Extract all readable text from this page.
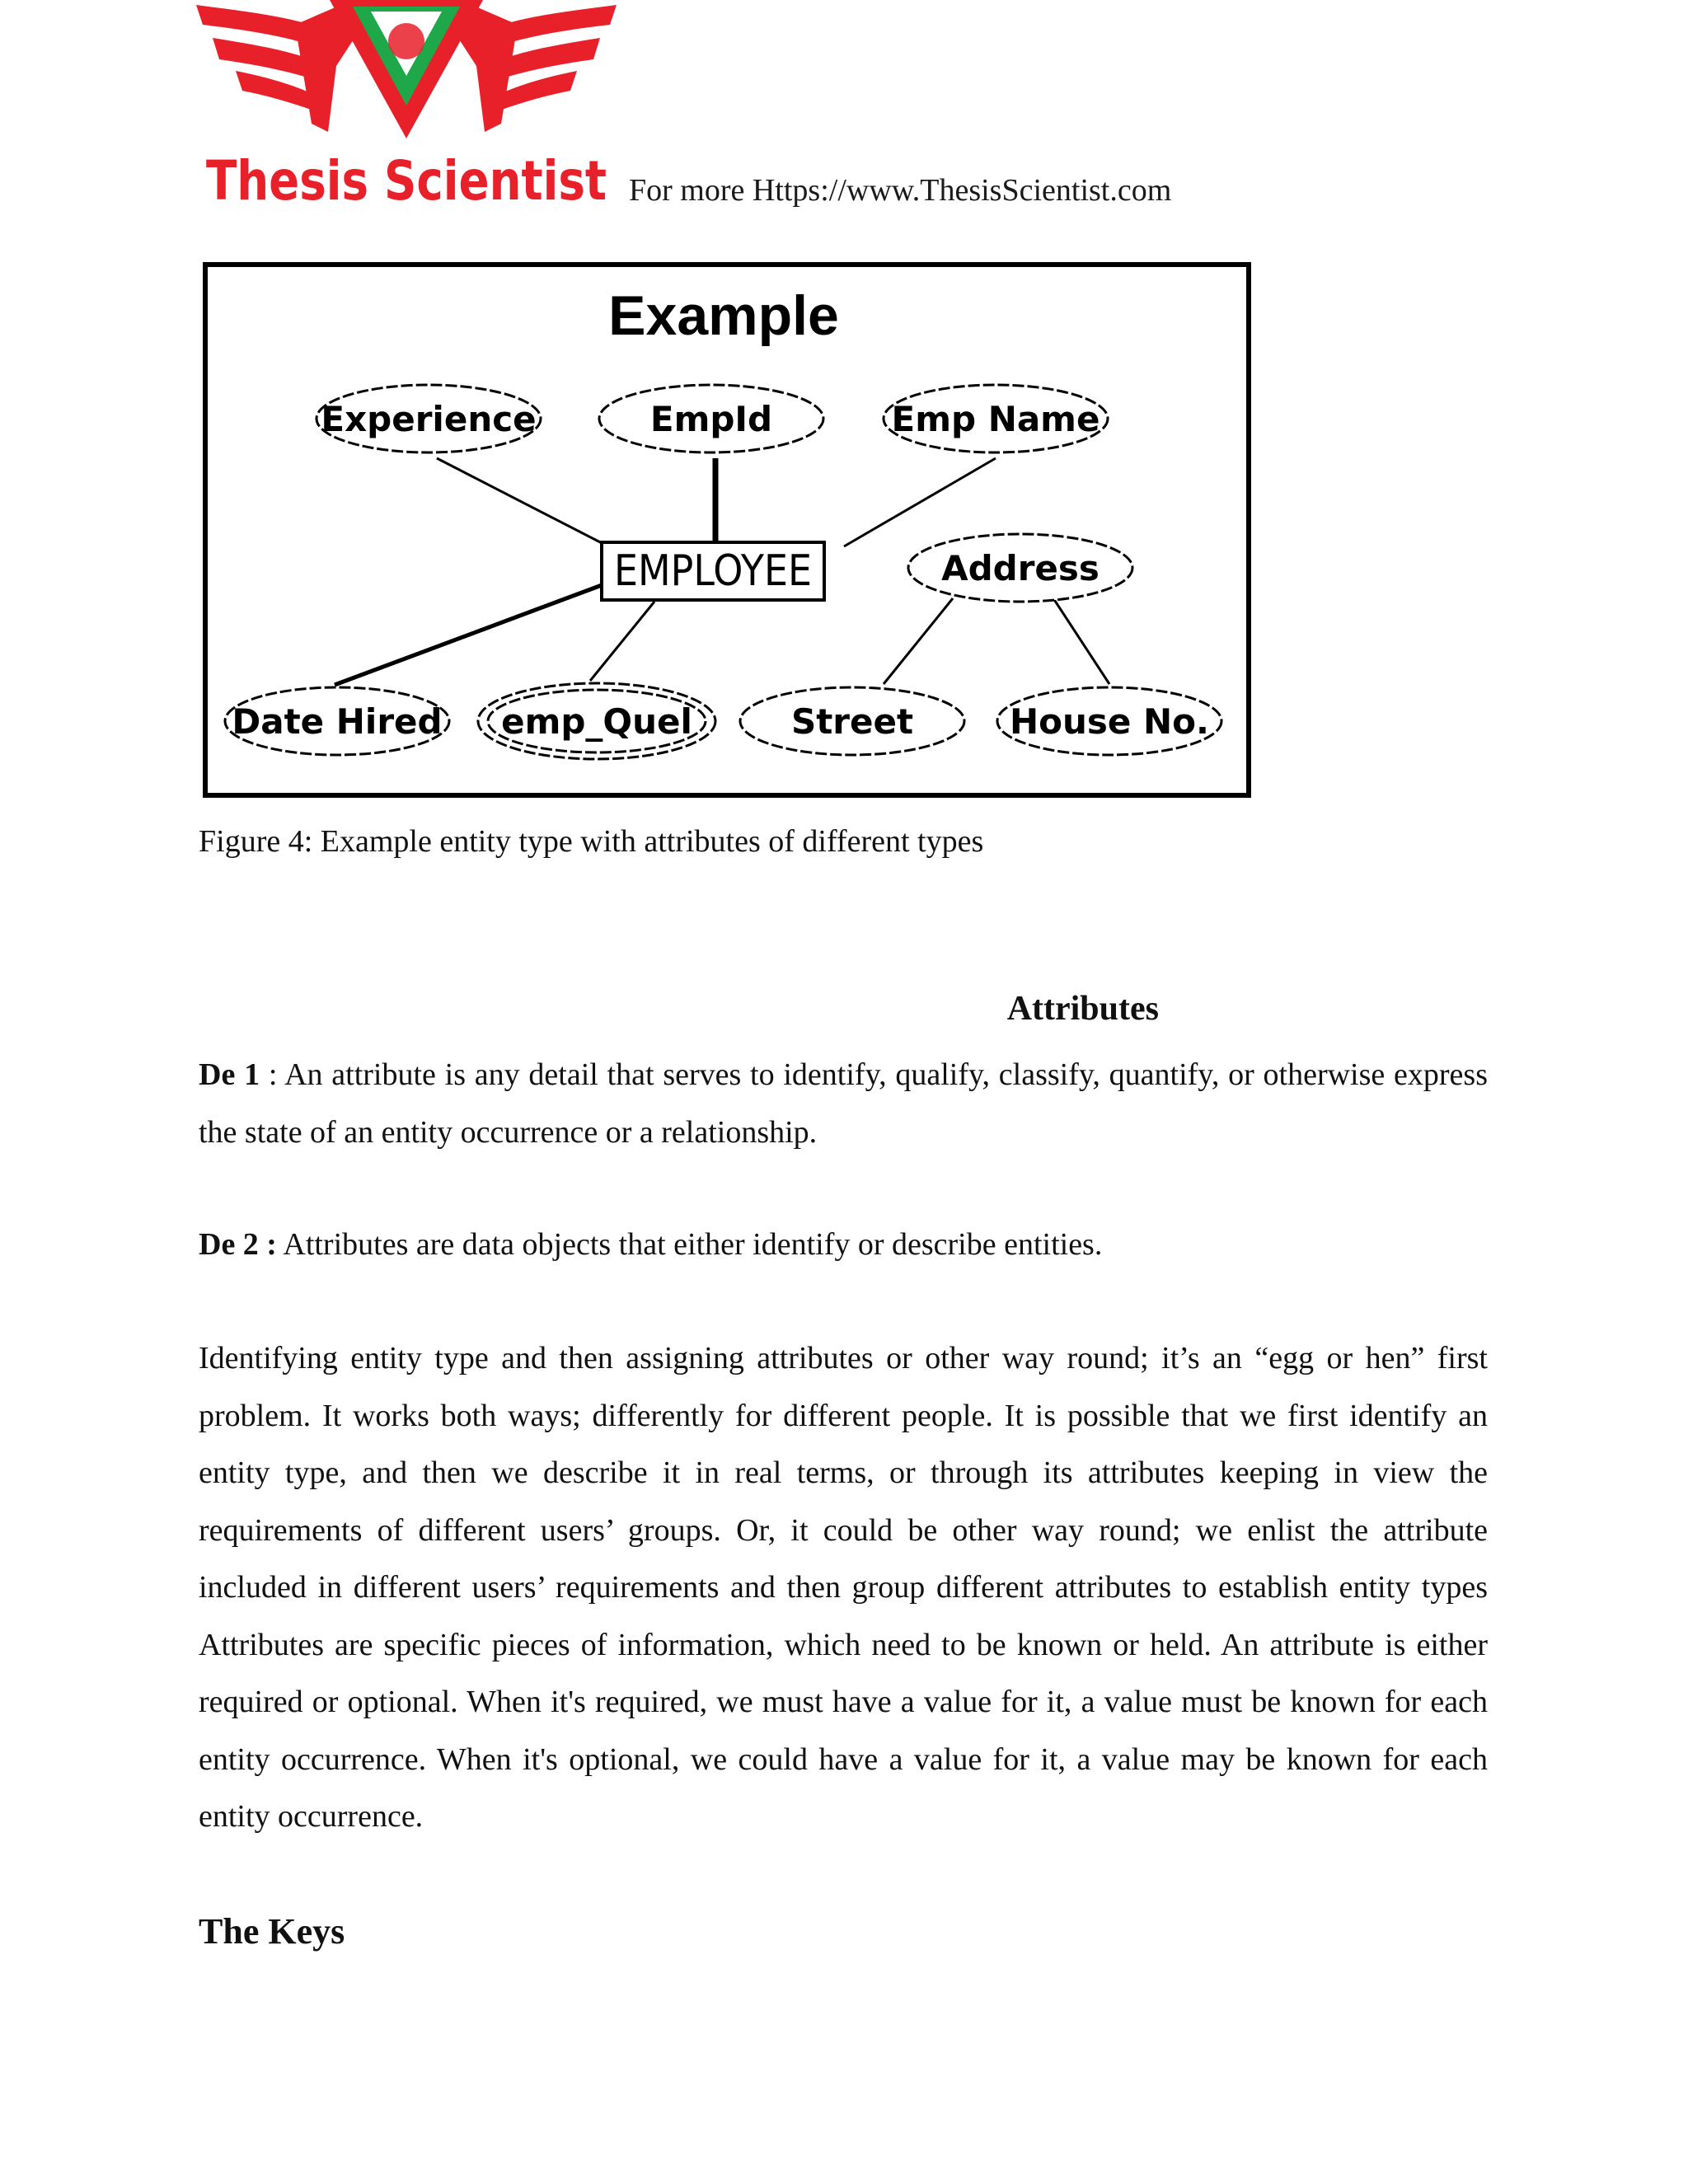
Thesis Scientist For more Https://www.ThesisScientist.com
Example
Experience	EmpId	Emp Name
Address
Date Hired emp_Quel	Street	House No.
EMPLOYEE
Figure 4: Example entity type with attributes of different types
Attributes

De 1 : An attribute is any detail that serves to identify, qualify, classify, quantify, or otherwise express the state of an entity occurrence or a relationship.

De 2 : Attributes are data objects that either identify or describe entities.

Identifying entity type and then assigning attributes or other way round; it’s an “egg or hen” first problem. It works both ways; differently for different people. It is possible that we first identify an entity type, and then we describe it in real terms, or through its attributes keeping in view the requirements of different users’ groups. Or, it could be other way round; we enlist the attribute included in different users’ requirements and then group different attributes to establish entity types Attributes are specific pieces of information, which need to be known or held. An attribute is either required or optional. When it's required, we must have a value for it, a value must be known for each entity occurrence. When it's optional, we could have a value for it, a value may be known for each entity occurrence.

The Keys
